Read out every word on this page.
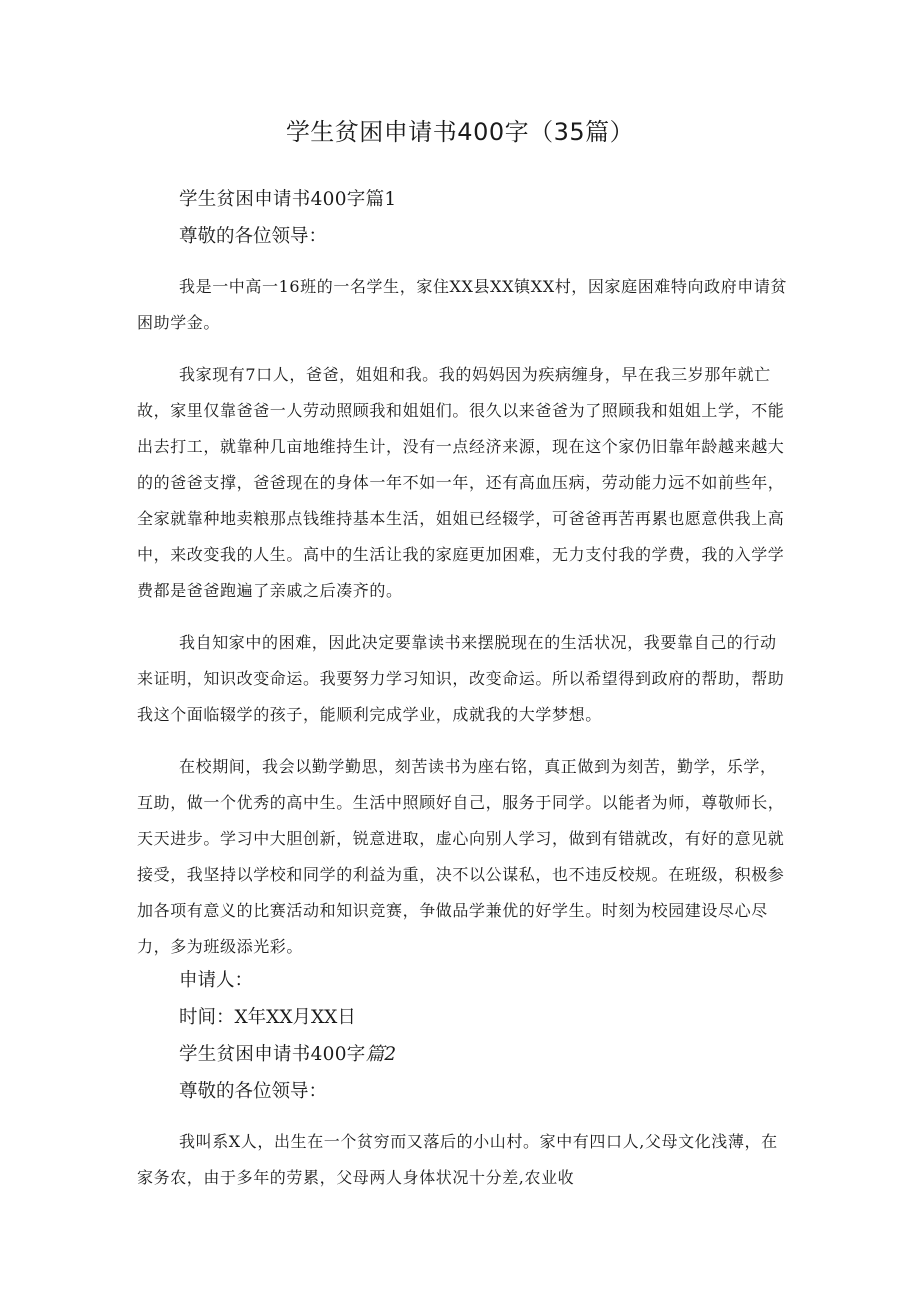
学生贫困申请书400字（35篇）

学生贫困申请书400字篇1

尊敬的各位领导：

我是一中高一16班的一名学生，家住XX县XX镇XX村，因家庭困难特向政府申请贫困助学金。

我家现有7口人，爸爸，姐姐和我。我的妈妈因为疾病缠身，早在我三岁那年就亡故，家里仅靠爸爸一人劳动照顾我和姐姐们。很久以来爸爸为了照顾我和姐姐上学，不能出去打工，就靠种几亩地维持生计，没有一点经济来源，现在这个家仍旧靠年龄越来越大的的爸爸支撑，爸爸现在的身体一年不如一年，还有高血压病，劳动能力远不如前些年，全家就靠种地卖粮那点钱维持基本生活，姐姐已经辍学，可爸爸再苦再累也愿意供我上高中，来改变我的人生。高中的生活让我的家庭更加困难，无力支付我的学费，我的入学学费都是爸爸跑遍了亲戚之后凑齐的。

我自知家中的困难，因此决定要靠读书来摆脱现在的生活状况，我要靠自己的行动来证明，知识改变命运。我要努力学习知识，改变命运。所以希望得到政府的帮助，帮助我这个面临辍学的孩子，能顺利完成学业，成就我的大学梦想。

在校期间，我会以勤学勤思，刻苦读书为座右铭，真正做到为刻苦，勤学，乐学，互助，做一个优秀的高中生。生活中照顾好自己，服务于同学。以能者为师，尊敬师长，天天进步。学习中大胆创新，锐意进取，虚心向别人学习，做到有错就改，有好的意见就接受，我坚持以学校和同学的利益为重，决不以公谋私，也不违反校规。在班级，积极参加各项有意义的比赛活动和知识竞赛，争做品学兼优的好学生。时刻为校园建设尽心尽力，多为班级添光彩。

申请人：

时间：X年XX月XX日

学生贫困申请书400字篇2

尊敬的各位领导：

我叫系X人，出生在一个贫穷而又落后的小山村。家中有四口人,父母文化浅薄，在家务农，由于多年的劳累，父母两人身体状况十分差,农业收
